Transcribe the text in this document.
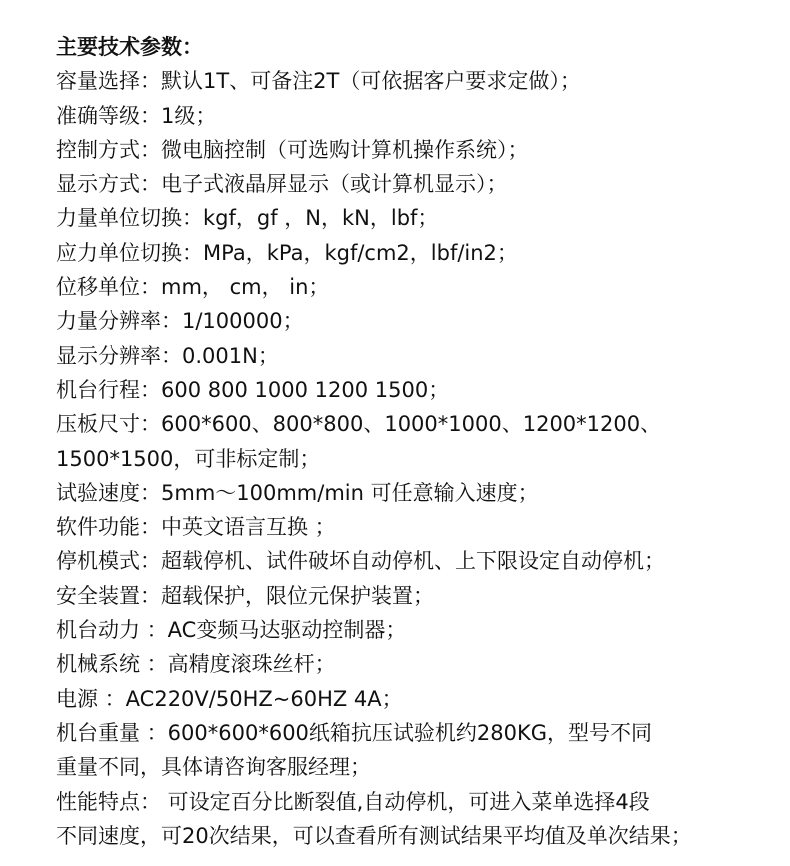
主要技术参数：
容量选择：默认1T、可备注2T（可依据客户要求定做）；
准确等级：1级；
控制方式：微电脑控制（可选购计算机操作系统）；
显示方式：电子式液晶屏显示（或计算机显示）；
力量单位切换：kgf，gf ，N，kN，lbf；
应力单位切换：MPa，kPa，kgf/cm2，lbf/in2；
位移单位：mm， cm， in；
力量分辨率：1/100000；
显示分辨率：0.001N；
机台行程：600 800 1000 1200 1500；
压板尺寸：600*600、800*800、1000*1000、1200*1200、
1500*1500，可非标定制；
试验速度：5mm～100mm/min 可任意输入速度；
软件功能：中英文语言互换 ；
停机模式：超载停机、试件破坏自动停机、上下限设定自动停机；
安全装置：超载保护，限位元保护装置；
机台动力 ：AC变频马达驱动控制器；
机械系统 ：高精度滚珠丝杆；
电源 ：AC220V/50HZ~60HZ 4A；
机台重量 ：600*600*600纸箱抗压试验机约280KG，型号不同
重量不同，具体请咨询客服经理；
性能特点： 可设定百分比断裂值,自动停机，可进入菜单选择4段
不同速度，可20次结果，可以查看所有测试结果平均值及单次结果；
